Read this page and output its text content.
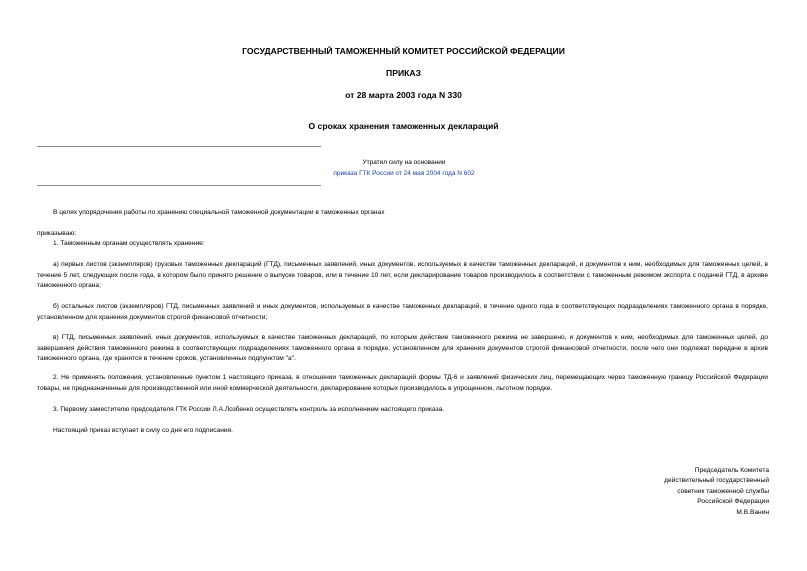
ГОСУДАРСТВЕННЫЙ ТАМОЖЕННЫЙ КОМИТЕТ РОССИЙСКОЙ ФЕДЕРАЦИИ
ПРИКАЗ
от 28 марта 2003 года N 330
О сроках хранения таможенных деклараций
Утратил силу на основании
приказа ГТК России от 24 мая 2004 года N 602
В целях упорядочения работы по хранению специальной таможенной документации в таможенных органах
приказываю:
1. Таможенным органам осуществлять хранение:
а) первых листов (экземпляров) грузовых таможенных деклараций (ГТД), письменных заявлений, иных документов, используемых в качестве таможенных деклараций, и документов к ним, необходимых для таможенных целей, в течение 5 лет, следующих после года, в котором было принято решение о выпуске товаров, или в течение 10 лет, если декларирование товаров производилось в соответствии с таможенным режимом экспорта с подачей ГТД, в архиве таможенного органа;
б) остальных листов (экземпляров) ГТД, письменных заявлений и иных документов, используемых в качестве таможенных деклараций, в течение одного года в соответствующих подразделениях таможенного органа в порядке, установленном для хранения документов строгой финансовой отчетности;
в) ГТД, письменных заявлений, иных документов, используемых в качестве таможенных деклараций, по которым действие таможенного режима не завершено, и документов к ним, необходимых для таможенных целей, до завершения действия таможенного режима в соответствующих подразделениях таможенного органа в порядке, установленном для хранения документов строгой финансовой отчетности, после чего они подлежат передаче в архив таможенного органа, где хранятся в течение сроков, установленных подпунктом "а".
2. Не применять положения, установленные пунктом 1 настоящего приказа, в отношении таможенных деклараций формы ТД-6 и заявлений физических лиц, перемещающих через таможенную границу Российской Федерации товары, не предназначенные для производственной или иной коммерческой деятельности, декларирование которых производилось в упрощенном, льготном порядке.
3. Первому заместителю председателя ГТК России Л.А.Лозбенко осуществлять контроль за исполнением настоящего приказа.
Настоящий приказ вступает в силу со дня его подписания.
Председатель Комитета
действительный государственный
советник таможенной службы
Российской Федерации
М.В.Ванин
